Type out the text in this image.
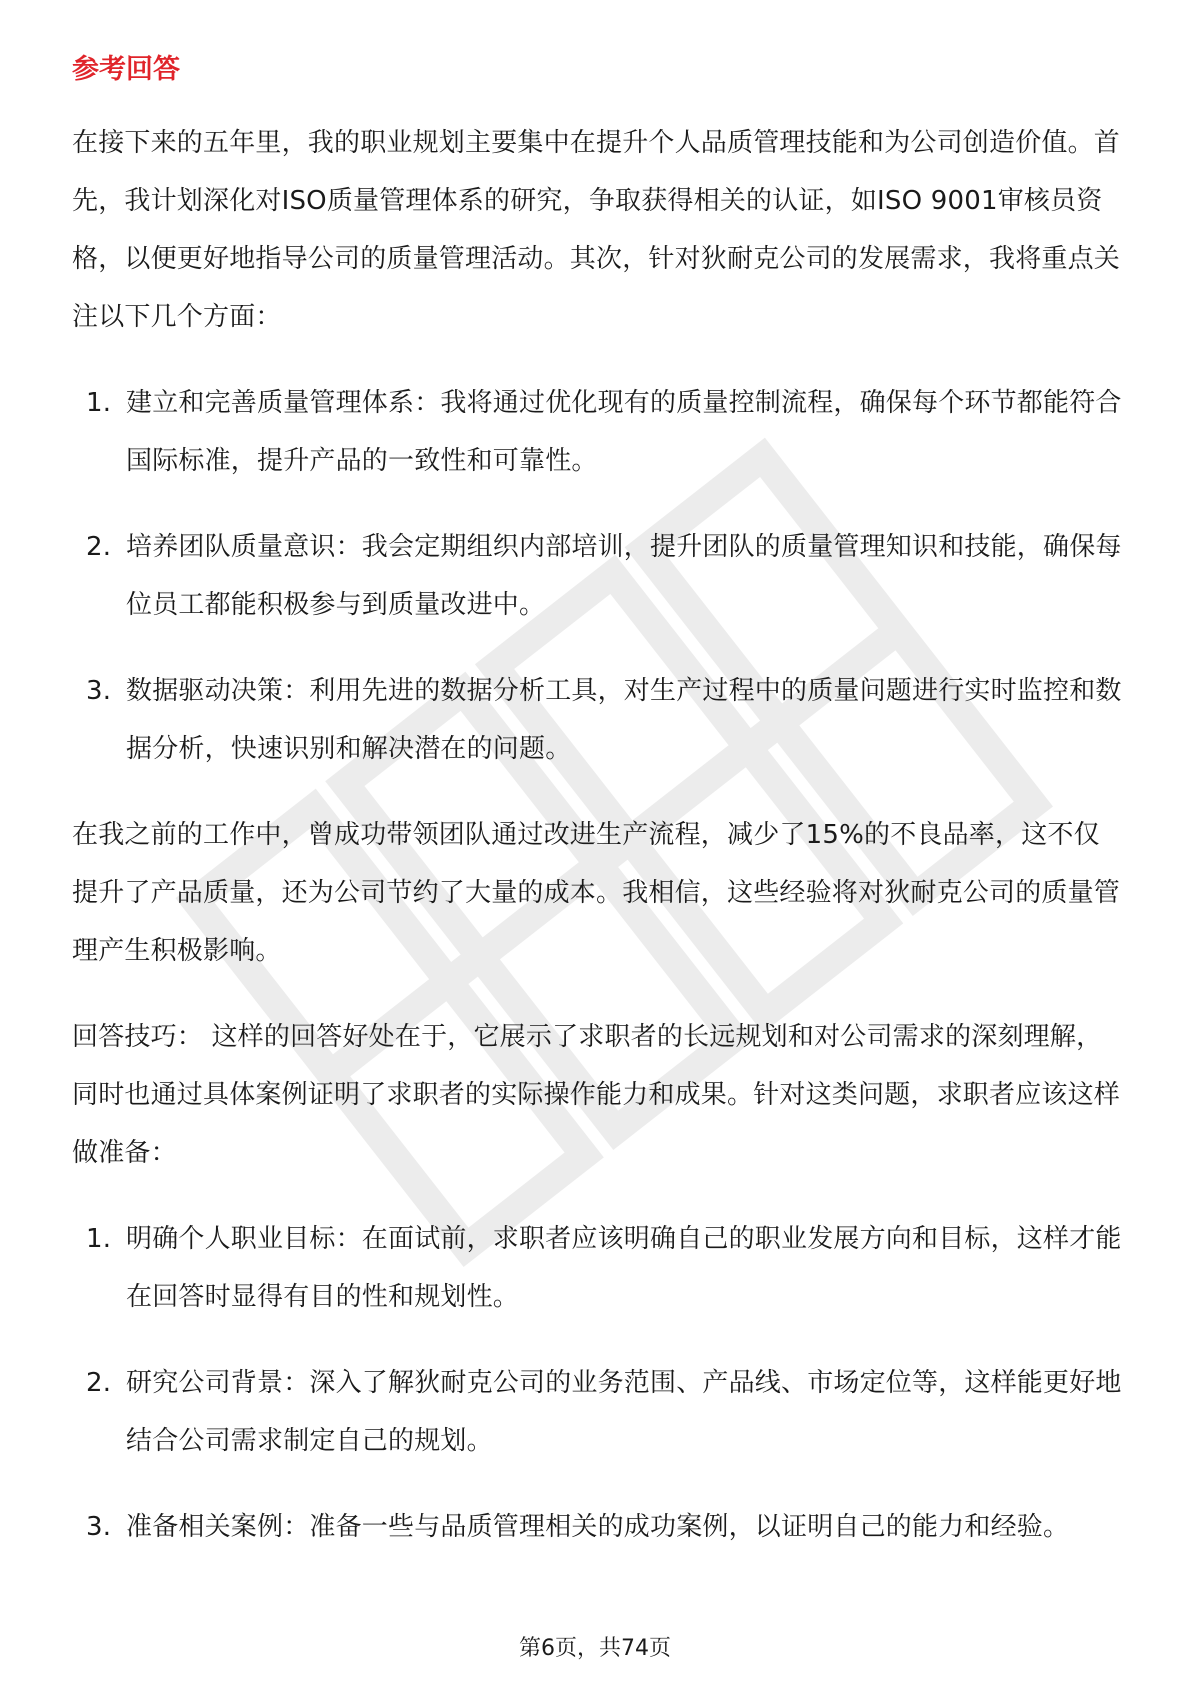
参考回答

在接下来的五年里，我的职业规划主要集中在提升个人品质管理技能和为公司创造价值。首先，我计划深化对ISO质量管理体系的研究，争取获得相关的认证，如ISO 9001审核员资格，以便更好地指导公司的质量管理活动。其次，针对狄耐克公司的发展需求，我将重点关注以下几个方面：

1. 建立和完善质量管理体系：我将通过优化现有的质量控制流程，确保每个环节都能符合国际标准，提升产品的一致性和可靠性。
2. 培养团队质量意识：我会定期组织内部培训，提升团队的质量管理知识和技能，确保每位员工都能积极参与到质量改进中。
3. 数据驱动决策：利用先进的数据分析工具，对生产过程中的质量问题进行实时监控和数据分析，快速识别和解决潜在的问题。

在我之前的工作中，曾成功带领团队通过改进生产流程，减少了15%的不良品率，这不仅提升了产品质量，还为公司节约了大量的成本。我相信，这些经验将对狄耐克公司的质量管理产生积极影响。

回答技巧： 这样的回答好处在于，它展示了求职者的长远规划和对公司需求的深刻理解，同时也通过具体案例证明了求职者的实际操作能力和成果。针对这类问题，求职者应该这样做准备：

1. 明确个人职业目标：在面试前，求职者应该明确自己的职业发展方向和目标，这样才能在回答时显得有目的性和规划性。
2. 研究公司背景：深入了解狄耐克公司的业务范围、产品线、市场定位等，这样能更好地结合公司需求制定自己的规划。
3. 准备相关案例：准备一些与品质管理相关的成功案例，以证明自己的能力和经验。
第6页，共74页
